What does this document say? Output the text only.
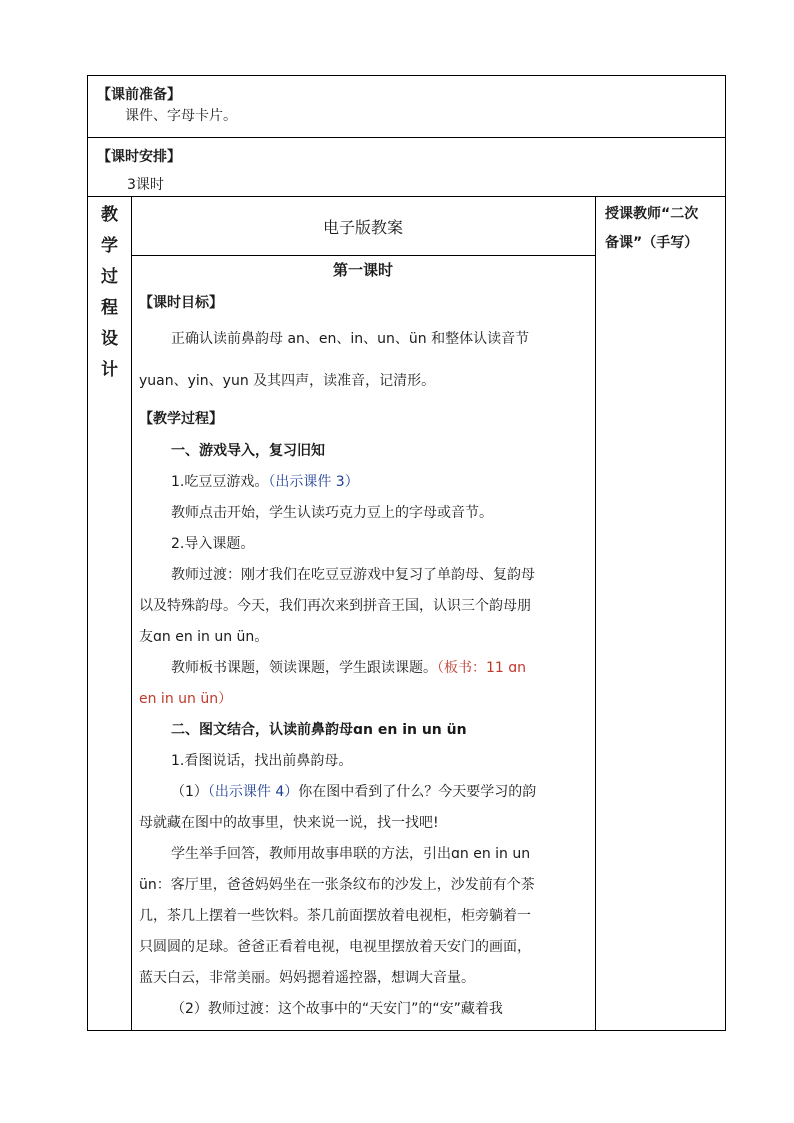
【课前准备】
课件、字母卡片。
【课时安排】
3课时
教
学
过
程
设
计
电子版教案
授课教师“二次
备课”（手写）
第一课时
【课时目标】
正确认读前鼻韵母 an、en、in、un、ün 和整体认读音节
yuan、yin、yun 及其四声，读准音，记清形。
【教学过程】
一、游戏导入，复习旧知
1.吃豆豆游戏。（出示课件 3）
教师点击开始，学生认读巧克力豆上的字母或音节。
2.导入课题。
教师过渡：刚才我们在吃豆豆游戏中复习了单韵母、复韵母
以及特殊韵母。今天，我们再次来到拼音王国，认识三个韵母朋
友ɑn en in un ün。
教师板书课题，领读课题，学生跟读课题。（板书：11 ɑn
en in un ün）
二、图文结合，认读前鼻韵母ɑn en in un ün
1.看图说话，找出前鼻韵母。
（1）（出示课件 4）你在图中看到了什么？今天要学习的韵
母就藏在图中的故事里，快来说一说，找一找吧!
学生举手回答，教师用故事串联的方法，引出ɑn en in un
ün：客厅里，爸爸妈妈坐在一张条纹布的沙发上，沙发前有个茶
几，茶几上摆着一些饮料。茶几前面摆放着电视柜，柜旁躺着一
只圆圆的足球。爸爸正看着电视，电视里摆放着天安门的画面，
蓝天白云，非常美丽。妈妈摁着遥控器，想调大音量。
（2）教师过渡：这个故事中的“天安门”的“安”藏着我
